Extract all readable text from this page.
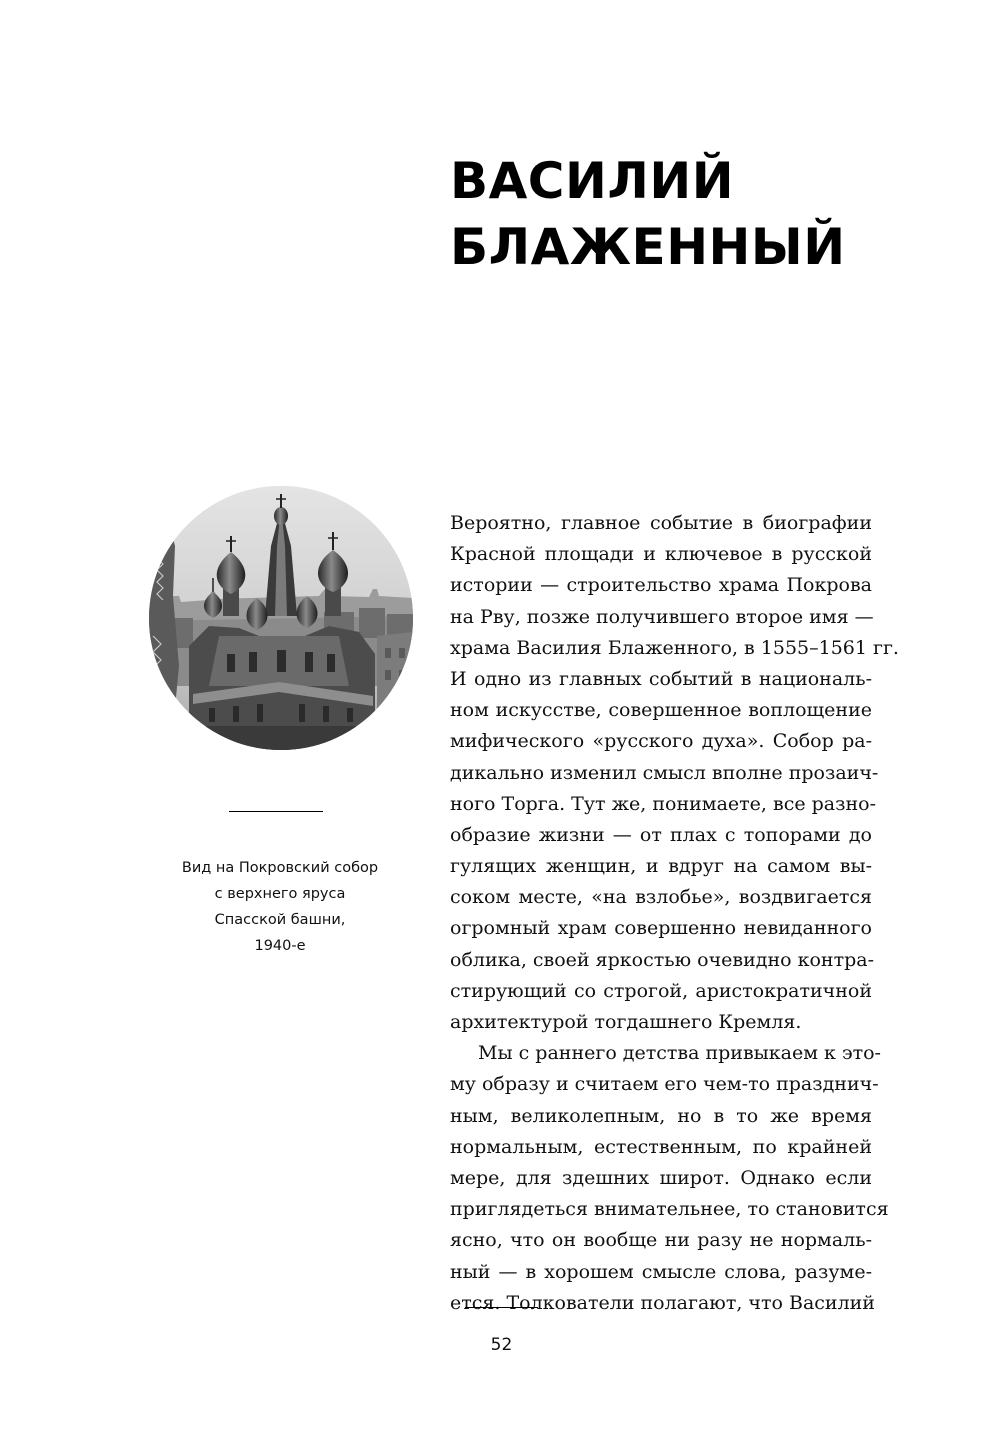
ВАСИЛИЙ
БЛАЖЕННЫЙ
Вид на Покровский собор
с верхнего яруса
Спасской башни,
1940-е
Вероятно, главное событие в биографии
Красной площади и ключевое в русской
истории — строительство храма Покрова
на Рву, позже получившего второе имя —
храма Василия Блаженного, в 1555–1561 гг.
И одно из главных событий в националь-
ном искусстве, совершенное воплощение
мифического «русского духа». Собор ра-
дикально изменил смысл вполне прозаич-
ного Торга. Тут же, понимаете, все разно-
образие жизни — от плах с топорами до
гулящих женщин, и вдруг на самом вы-
соком месте, «на взлобье», воздвигается
огромный храм совершенно невиданного
облика, своей яркостью очевидно контра-
стирующий со строгой, аристократичной
архитектурой тогдашнего Кремля.
Мы с раннего детства привыкаем к это-
му образу и считаем его чем-то празднич-
ным, великолепным, но в то же время
нормальным, естественным, по крайней
мере, для здешних широт. Однако если
приглядеться внимательнее, то становится
ясно, что он вообще ни разу не нормаль-
ный — в хорошем смысле слова, разуме-
ется. Толкователи полагают, что Василий
52
